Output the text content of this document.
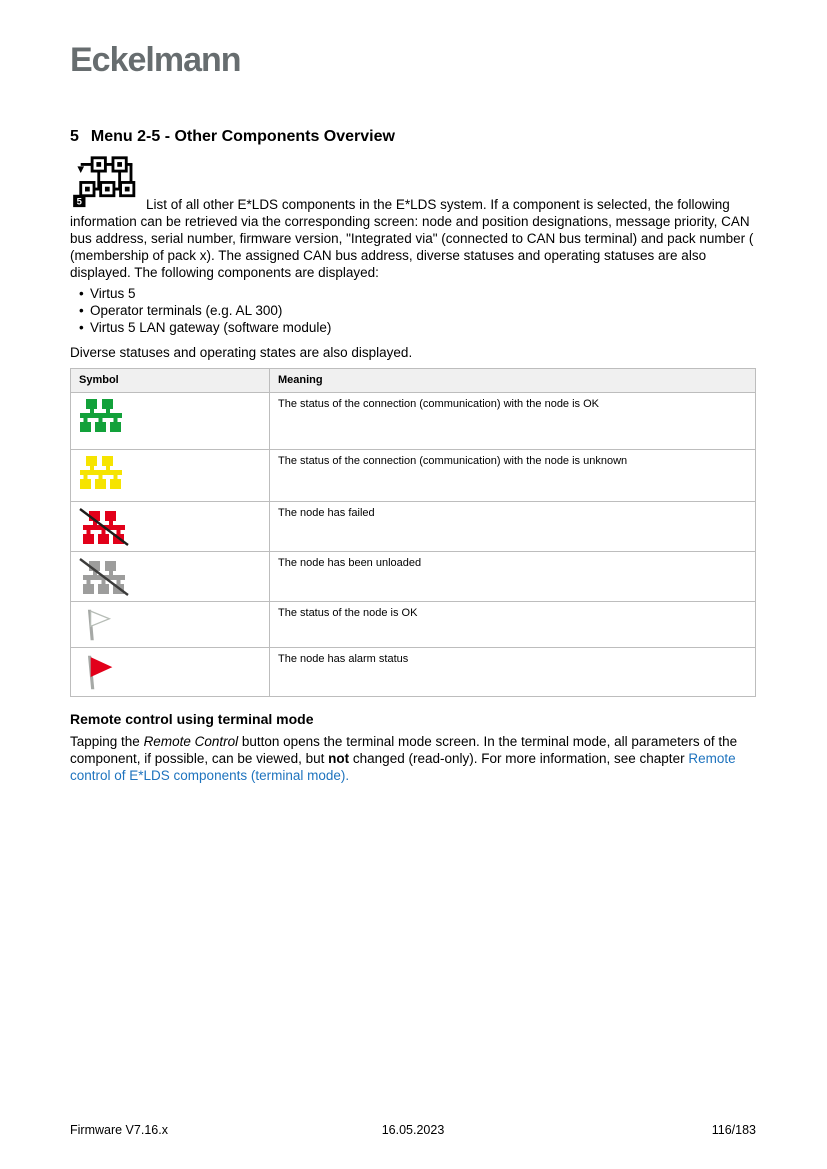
Eckelmann
5 Menu 2-5 - Other Components Overview

5	List of all other E*LDS components in the E*LDS system. If a component is selected, the following information can be retrieved via the corresponding screen: node and position designations, message priority, CAN bus address, serial number, firmware version, "Integrated via" (connected to CAN bus terminal) and pack number ( (membership of pack x). The assigned CAN bus address, diverse statuses and operating statuses are also displayed. The following components are displayed:

• Virtus 5
• Operator terminals (e.g. AL 300)
• Virtus 5 LAN gateway (software module)

Diverse statuses and operating states are also displayed.

Symbol	Meaning

	The status of the connection (communication) with the node is OK

	The status of the connection (communication) with the node is unknown

	The node has failed

	The node has been unloaded

	The status of the node is OK

	The node has alarm status
Remote control using terminal mode

Tapping the Remote Control button opens the terminal mode screen. In the terminal mode, all parameters of the component, if possible, can be viewed, but not changed (read-only). For more information, see chapter Remote control of E*LDS components (terminal mode).

Firmware V7.16.x	16.05.2023	116/183
